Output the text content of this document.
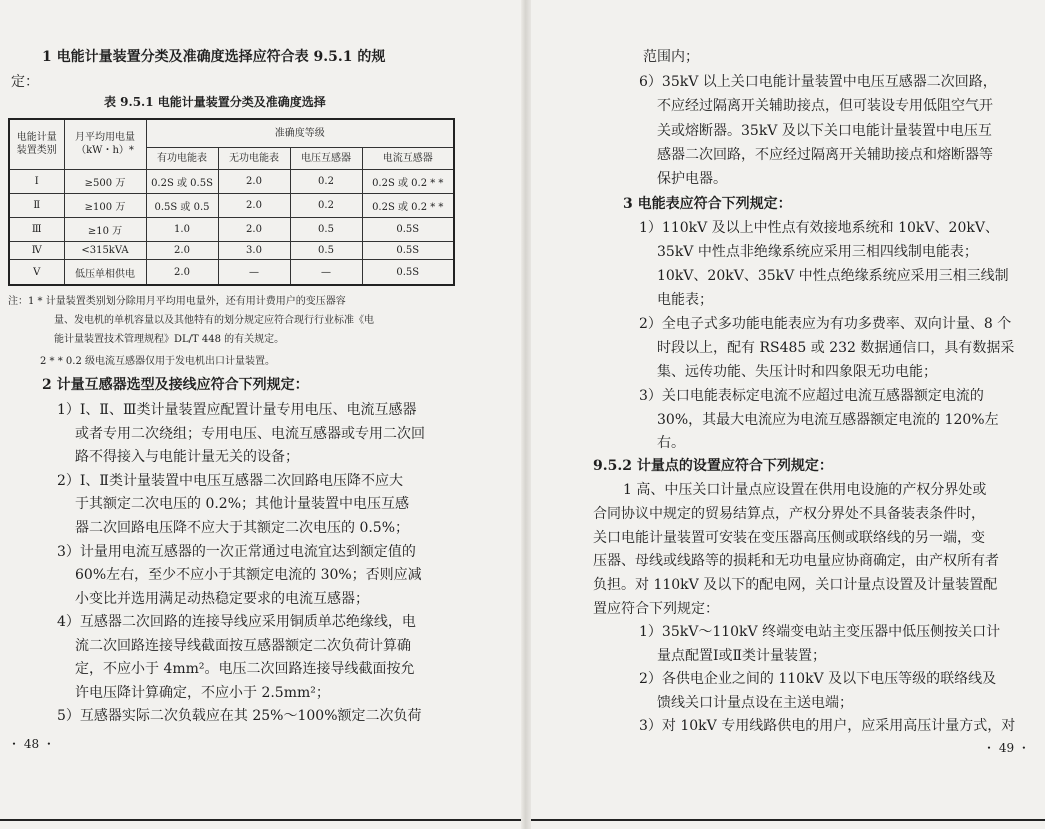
1 电能计量装置分类及准确度选择应符合表 9.5.1 的规
定：
表 9.5.1 电能计量装置分类及准确度选择
电能计量装置类别	月平均用电量（kW・h）*	准确度等级			
		有功电能表	无功电能表	电压互感器	电流互感器
Ⅰ	≥500 万	0.2S 或 0.5S	2.0	0.2	0.2S 或 0.2 * *
Ⅱ	≥100 万	0.5S 或 0.5	2.0	0.2	0.2S 或 0.2 * *
Ⅲ	≥10 万	1.0	2.0	0.5	0.5S
Ⅳ	<315kVA	2.0	3.0	0.5	0.5S
Ⅴ	低压单相供电	2.0	—	—	0.5S
注：1 * 计量装置类别划分除用月平均用电量外，还有用计费用户的变压器容
量、发电机的单机容量以及其他特有的划分规定应符合现行行业标准《电
能计量装置技术管理规程》DL/T 448 的有关规定。
2 * * 0.2 级电流互感器仅用于发电机出口计量装置。
2 计量互感器选型及接线应符合下列规定：
1）Ⅰ、Ⅱ、Ⅲ类计量装置应配置计量专用电压、电流互感器
或者专用二次绕组；专用电压、电流互感器或专用二次回
路不得接入与电能计量无关的设备；
2）Ⅰ、Ⅱ类计量装置中电压互感器二次回路电压降不应大
于其额定二次电压的 0.2%；其他计量装置中电压互感
器二次回路电压降不应大于其额定二次电压的 0.5%；
3）计量用电流互感器的一次正常通过电流宜达到额定值的
60%左右，至少不应小于其额定电流的 30%；否则应减
小变比并选用满足动热稳定要求的电流互感器；
4）互感器二次回路的连接导线应采用铜质单芯绝缘线，电
流二次回路连接导线截面按互感器额定二次负荷计算确
定，不应小于 4mm²。电压二次回路连接导线截面按允
许电压降计算确定，不应小于 2.5mm²；
5）互感器实际二次负载应在其 25%～100%额定二次负荷
・ 48 ・
范围内；
6）35kV 以上关口电能计量装置中电压互感器二次回路，
不应经过隔离开关辅助接点，但可装设专用低阻空气开
关或熔断器。35kV 及以下关口电能计量装置中电压互
感器二次回路，不应经过隔离开关辅助接点和熔断器等
保护电器。
3 电能表应符合下列规定：
1）110kV 及以上中性点有效接地系统和 10kV、20kV、
35kV 中性点非绝缘系统应采用三相四线制电能表；
10kV、20kV、35kV 中性点绝缘系统应采用三相三线制
电能表；
2）全电子式多功能电能表应为有功多费率、双向计量、8 个
时段以上，配有 RS485 或 232 数据通信口，具有数据采
集、远传功能、失压计时和四象限无功电能；
3）关口电能表标定电流不应超过电流互感器额定电流的
30%，其最大电流应为电流互感器额定电流的 120%左
右。
9.5.2 计量点的设置应符合下列规定：
1 高、中压关口计量点应设置在供用电设施的产权分界处或
合同协议中规定的贸易结算点，产权分界处不具备装表条件时，
关口电能计量装置可安装在变压器高压侧或联络线的另一端，变
压器、母线或线路等的损耗和无功电量应协商确定，由产权所有者
负担。对 110kV 及以下的配电网，关口计量点设置及计量装置配
置应符合下列规定：
1）35kV～110kV 终端变电站主变压器中低压侧按关口计
量点配置Ⅰ或Ⅱ类计量装置；
2）各供电企业之间的 110kV 及以下电压等级的联络线及
馈线关口计量点设在主送电端；
3）对 10kV 专用线路供电的用户，应采用高压计量方式，对
・ 49 ・
